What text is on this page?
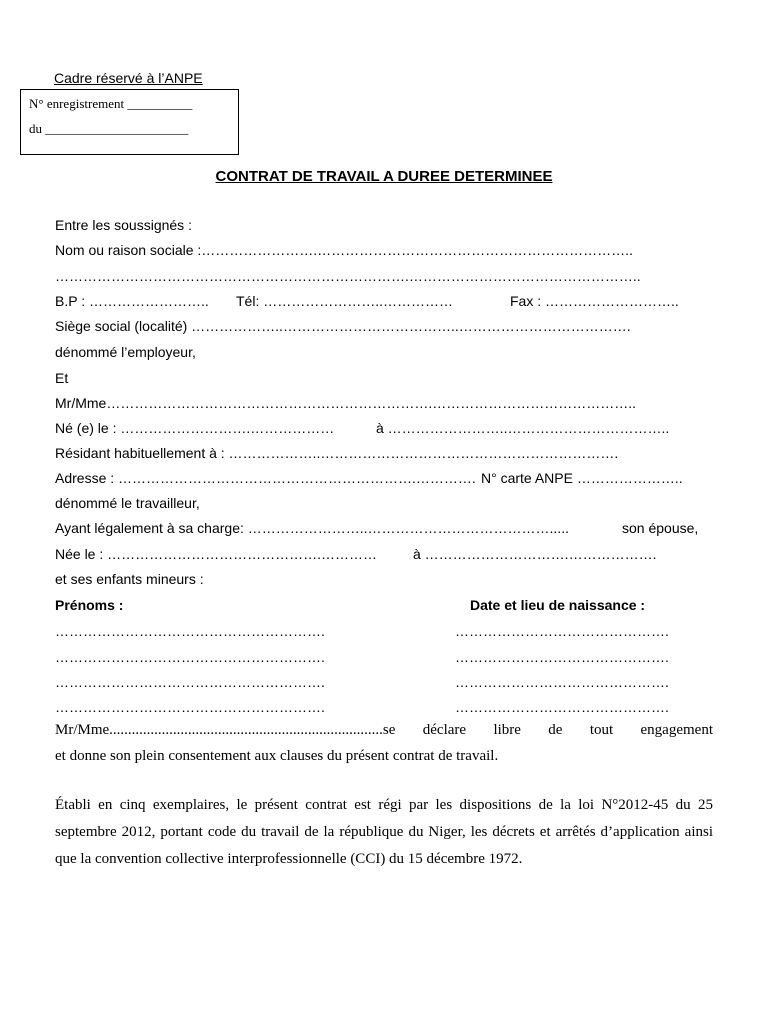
Cadre réservé à l’ANPE
N° enregistrement __________
du ______________________
CONTRAT DE TRAVAIL A DUREE DETERMINEE
Entre les soussignés :
Nom ou raison sociale :…………………….…………………………………………………………..
………………………………………………………………….…………………………………………..
B.P : …………………….. Tél: ……………………..……………	Fax : ………………………..
Siège social (localité) ………………..………………………………..……………………………….
dénommé l’employeur,
Et
Mr/Mme…………………………………………………………….……………………………………..
Né (e) le : ……………………….………………	à ……………………..……………………………..
Résidant habituellement à : ………………..……………………………………………………….
Adresse : ……………………………………………………….…………. N° carte ANPE …………………..
dénommé le travailleur,
Ayant légalement à sa charge: ……………………..………………………………….....	son épouse,
Née le : ……………………………………….…………	à ………………………….……………….
et ses enfants mineurs :
Prénoms :	Date et lieu de naissance :
………………………………………………….	……………………………………….
………………………………………………….	……………………………………….
………………………………………………….	……………………………………….
………………………………………………….	……………………………………….
Mr/Mme.........................................................................se déclare libre de tout engagement
et donne son plein consentement aux clauses du présent contrat de travail.
Établi en cinq exemplaires, le présent contrat est régi par les dispositions de la loi N°2012-45 du 25 septembre 2012, portant code du travail de la république du Niger, les décrets et arrêtés d’application ainsi que la convention collective interprofessionnelle (CCI) du 15 décembre 1972.
